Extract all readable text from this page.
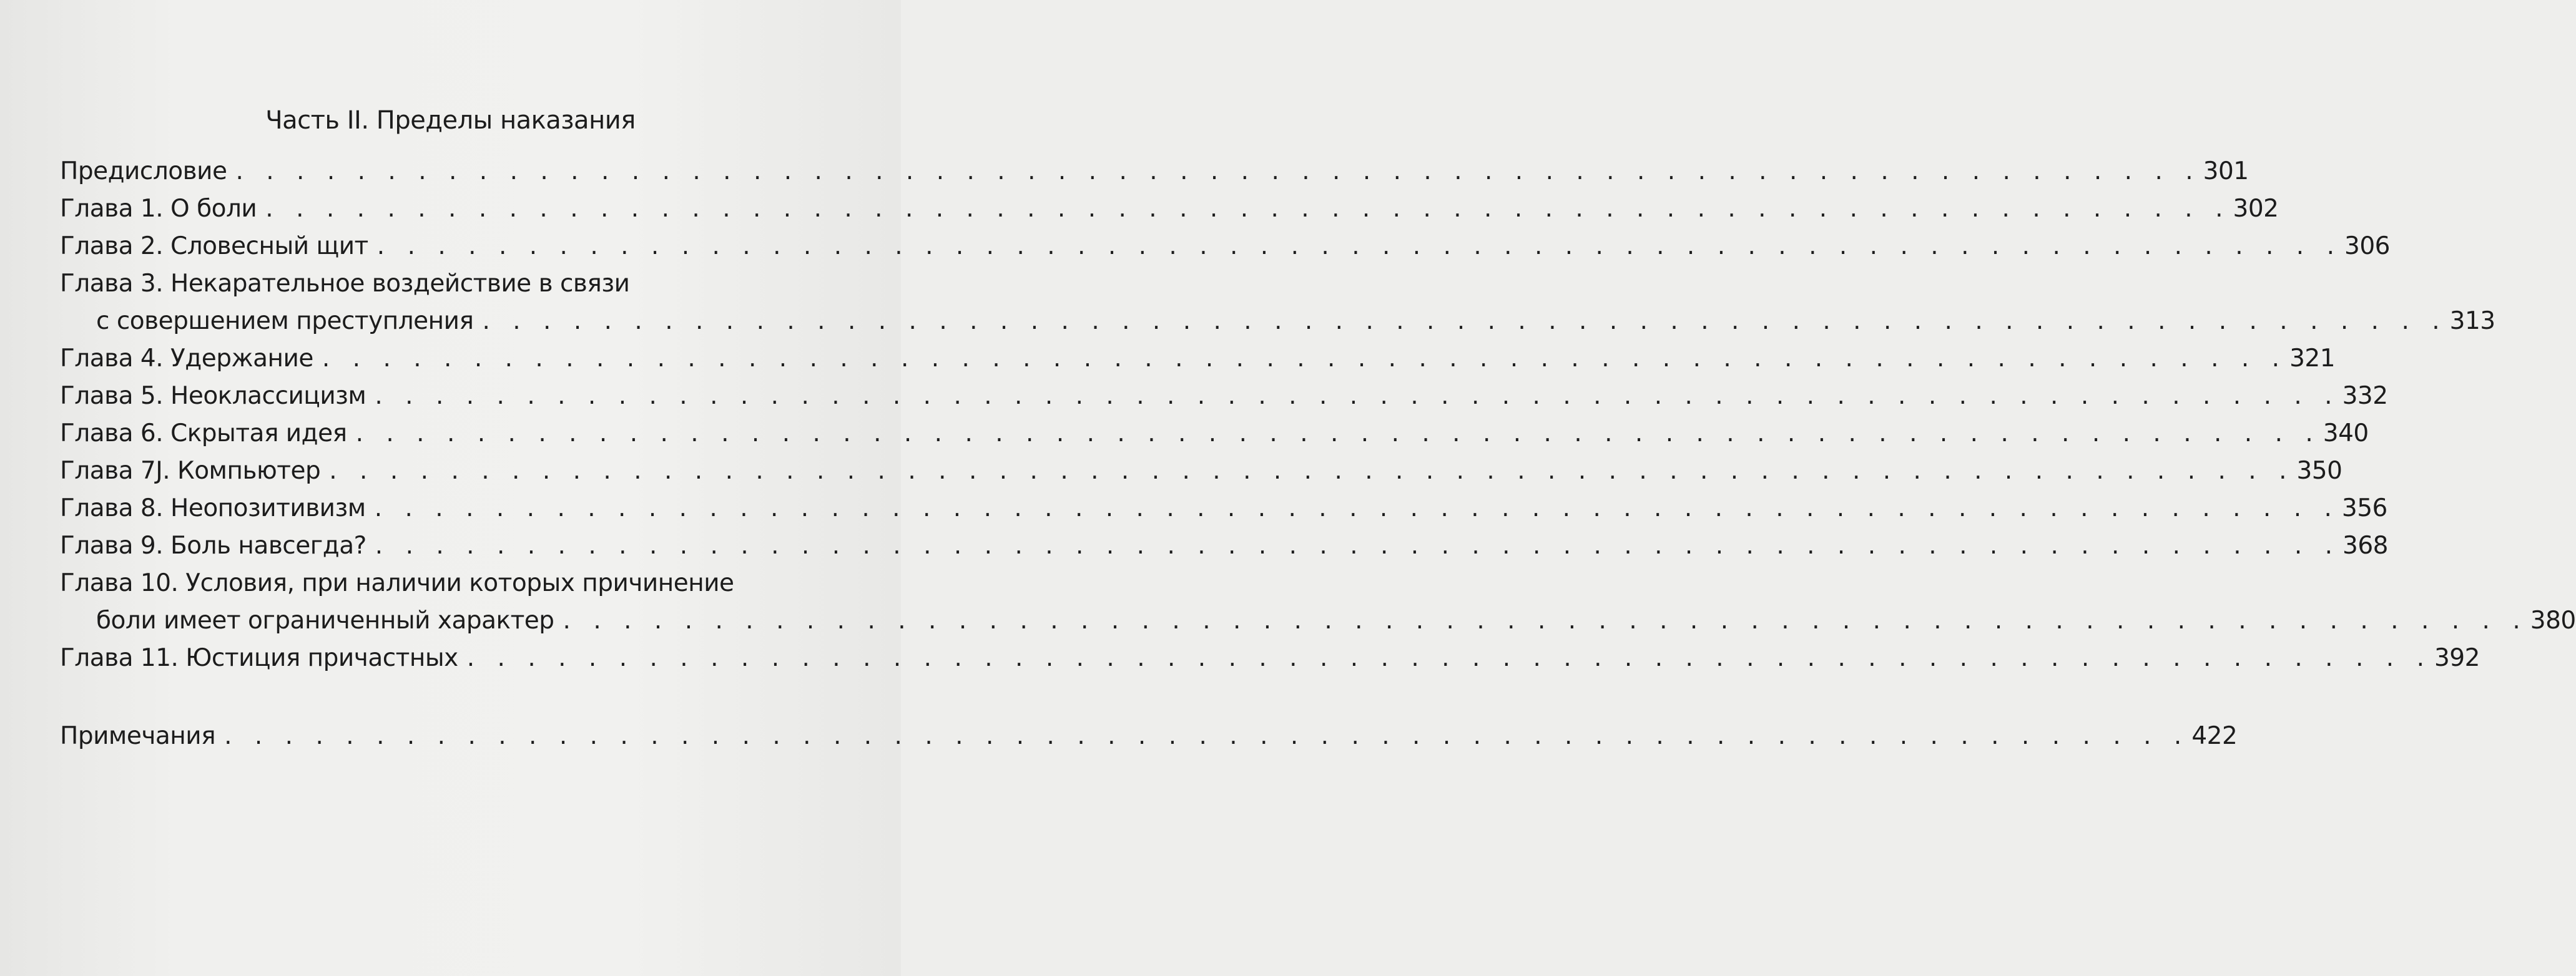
Часть II. Пределы наказания
Предисловие . . . . . . . . . . . . . . . . . . . . . . . . . . . . . . . . . . . . . . . . . . . . . . . . . . . . . . . . . . . . . . . . . 301
Глава 1. О боли . . . . . . . . . . . . . . . . . . . . . . . . . . . . . . . . . . . . . . . . . . . . . . . . . . . . . . . . . . . . . . . . . 302
Глава 2. Словесный щит . . . . . . . . . . . . . . . . . . . . . . . . . . . . . . . . . . . . . . . . . . . . . . . . . . . . . . . . . . . . . . . . . 306
Глава 3. Некарательное воздействие в связи
с совершением преступления . . . . . . . . . . . . . . . . . . . . . . . . . . . . . . . . . . . . . . . . . . . . . . . . . . . . . . . . . . . . . . . . . 313
Глава 4. Удержание . . . . . . . . . . . . . . . . . . . . . . . . . . . . . . . . . . . . . . . . . . . . . . . . . . . . . . . . . . . . . . . . . 321
Глава 5. Неоклассицизм . . . . . . . . . . . . . . . . . . . . . . . . . . . . . . . . . . . . . . . . . . . . . . . . . . . . . . . . . . . . . . . . . 332
Глава 6. Скрытая идея . . . . . . . . . . . . . . . . . . . . . . . . . . . . . . . . . . . . . . . . . . . . . . . . . . . . . . . . . . . . . . . . . 340
Глава 7J. Компьютер . . . . . . . . . . . . . . . . . . . . . . . . . . . . . . . . . . . . . . . . . . . . . . . . . . . . . . . . . . . . . . . . . 350
Глава 8. Неопозитивизм . . . . . . . . . . . . . . . . . . . . . . . . . . . . . . . . . . . . . . . . . . . . . . . . . . . . . . . . . . . . . . . . . 356
Глава 9. Боль навсегда? . . . . . . . . . . . . . . . . . . . . . . . . . . . . . . . . . . . . . . . . . . . . . . . . . . . . . . . . . . . . . . . . . 368
Глава 10. Условия, при наличии которых причинение
боли имеет ограниченный характер . . . . . . . . . . . . . . . . . . . . . . . . . . . . . . . . . . . . . . . . . . . . . . . . . . . . . . . . . . . . . . . . . 380
Глава 11. Юстиция причастных . . . . . . . . . . . . . . . . . . . . . . . . . . . . . . . . . . . . . . . . . . . . . . . . . . . . . . . . . . . . . . . . . 392
Примечания . . . . . . . . . . . . . . . . . . . . . . . . . . . . . . . . . . . . . . . . . . . . . . . . . . . . . . . . . . . . . . . . . 422
